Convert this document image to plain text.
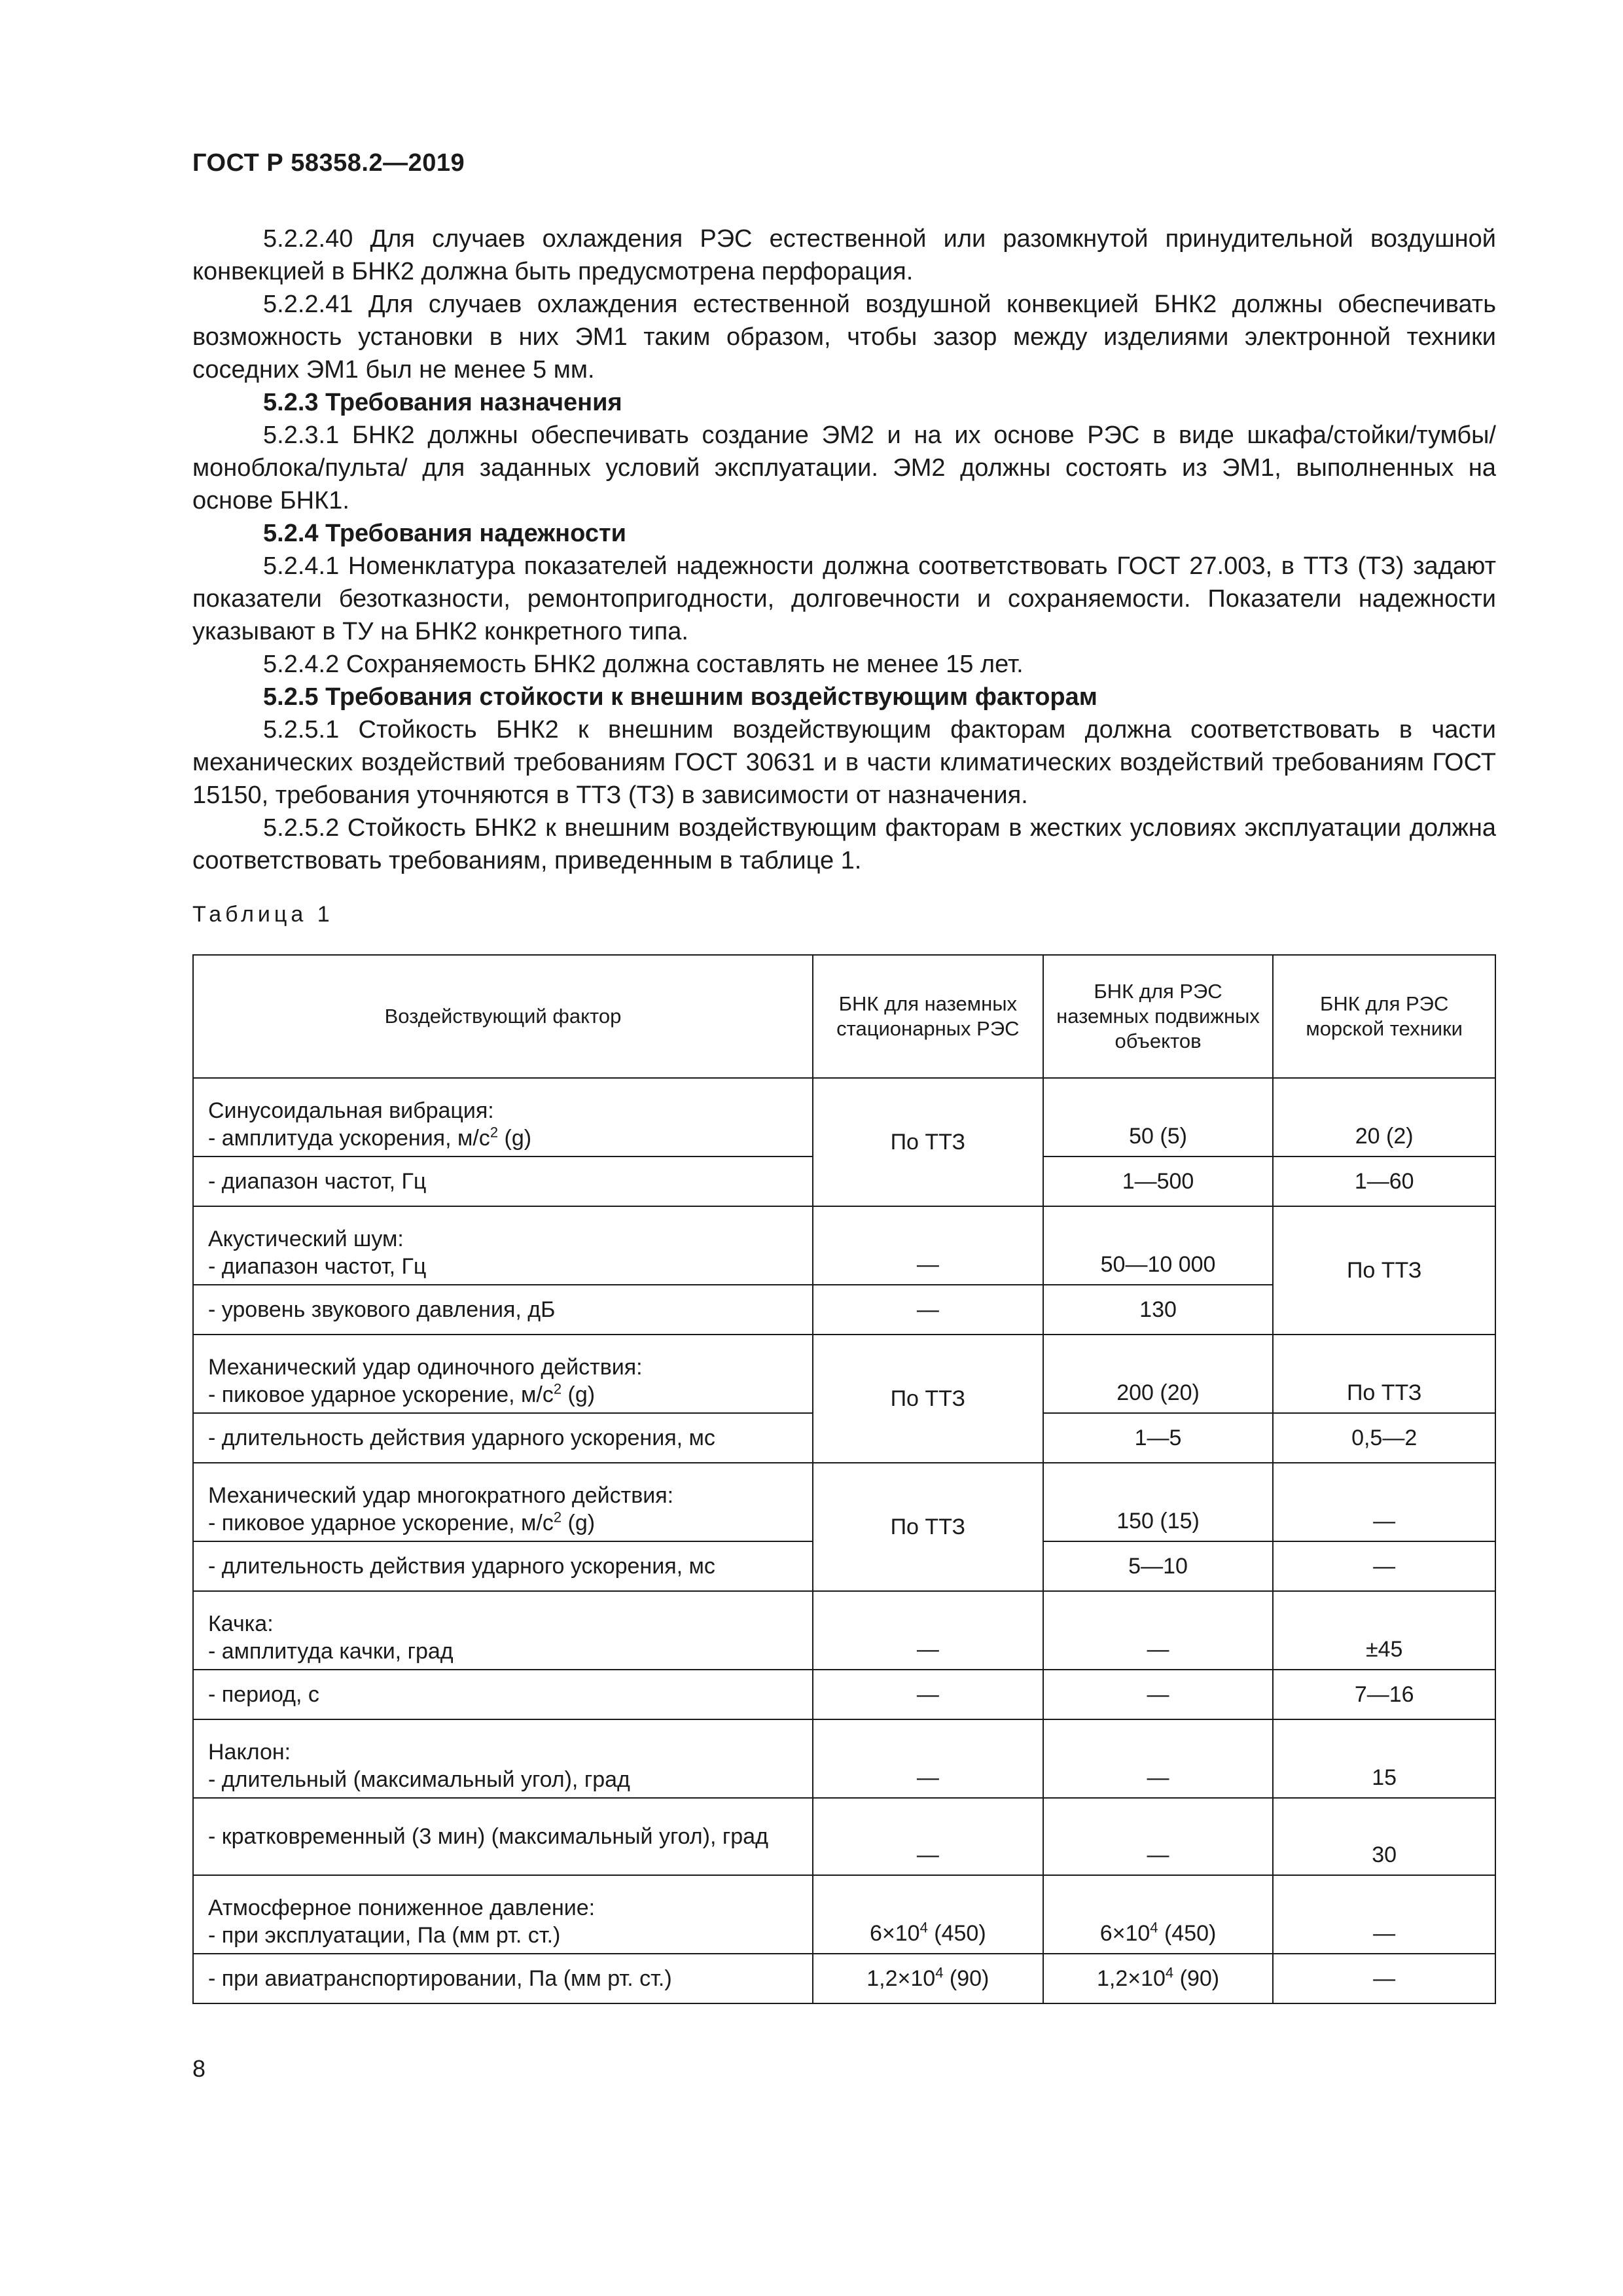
ГОСТ Р 58358.2—2019

5.2.2.40 Для случаев охлаждения РЭС естественной или разомкнутой принудительной воздушной конвекцией в БНК2 должна быть предусмотрена перфорация.

5.2.2.41 Для случаев охлаждения естественной воздушной конвекцией БНК2 должны обеспечивать возможность установки в них ЭМ1 таким образом, чтобы зазор между изделиями электронной техники соседних ЭМ1 был не менее 5 мм.

5.2.3 Требования назначения

5.2.3.1 БНК2 должны обеспечивать создание ЭМ2 и на их основе РЭС в виде шкафа/стойки/тумбы/моноблока/пульта/ для заданных условий эксплуатации. ЭМ2 должны состоять из ЭМ1, выполненных на основе БНК1.

5.2.4 Требования надежности

5.2.4.1 Номенклатура показателей надежности должна соответствовать ГОСТ 27.003, в ТТЗ (ТЗ) задают показатели безотказности, ремонтопригодности, долговечности и сохраняемости. Показатели надежности указывают в ТУ на БНК2 конкретного типа.

5.2.4.2 Сохраняемость БНК2 должна составлять не менее 15 лет.

5.2.5 Требования стойкости к внешним воздействующим факторам

5.2.5.1 Стойкость БНК2 к внешним воздействующим факторам должна соответствовать в части механических воздействий требованиям ГОСТ 30631 и в части климатических воздействий требованиям ГОСТ 15150, требования уточняются в ТТЗ (ТЗ) в зависимости от назначения.

5.2.5.2 Стойкость БНК2 к внешним воздействующим факторам в жестких условиях эксплуатации должна соответствовать требованиям, приведенным в таблице 1.

Таблица 1
Воздействующий фактор	БНК для наземных стационарных РЭС	БНК для РЭС наземных подвижных объектов	БНК для РЭС морской техники

Синусоидальная вибрация:
- амплитуда ускорения, $м/с^2$ (g)	По ТТЗ	50 (5)	20 (2)
- диапазон частот, Гц		1—500	1—60

Акустический шум:
- диапазон частот, Гц	—	50—10 000	По ТТЗ
- уровень звукового давления, дБ	—	130	

Механический удар одиночного действия:
- пиковое ударное ускорение, $м/с^2$ (g)	По ТТЗ	200 (20)	По ТТЗ
- длительность действия ударного ускорения, мс		1—5	0,5—2

Механический удар многократного действия:
- пиковое ударное ускорение, $м/с^2$ (g)	По ТТЗ	150 (15)	—
- длительность действия ударного ускорения, мс		5—10	—

Качка:
- амплитуда качки, град	—	—	±45
- период, с	—	—	7—16

Наклон:
- длительный (максимальный угол), град	—	—	15
- кратковременный (3 мин) (максимальный угол), град	—	—	30

Атмосферное пониженное давление:
- при эксплуатации, Па (мм рт. ст.)	$6\times 10^4$ (450)	$6\times 10^4$ (450)	—
- при авиатранспортировании, Па (мм рт. ст.)	$1,2\times 10^4$ (90)	$1,2\times 10^4$ (90)	—
8
